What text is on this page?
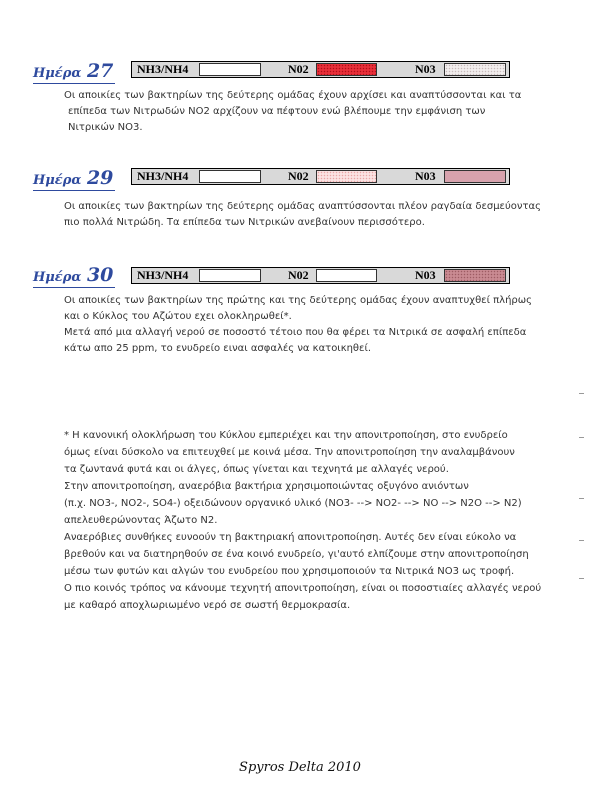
Ημέρα 27 NH3/NH4	N02	N03
Οι αποικίες των βακτηρίων της δεύτερης ομάδας έχουν αρχίσει και αναπτύσσονται και τα
επίπεδα των Νιτρωδών NO2 αρχίζουν να πέφτουν ενώ βλέπουμε την εμφάνιση των
Νιτρικών NO3.
Ημέρα 29 NH3/NH4	N02	N03
Οι αποικίες των βακτηρίων της δεύτερης ομάδας αναπτύσσονται πλέον ραγδαία δεσμεύοντας
πιο πολλά Νιτρώδη. Τα επίπεδα των Νιτρικών ανεβαίνουν περισσότερο.
Ημέρα 30 NH3/NH4	N02	N03
Οι αποικίες των βακτηρίων της πρώτης και της δεύτερης ομάδας έχουν αναπτυχθεί πλήρως
και ο Κύκλος του Αζώτου εχει ολοκληρωθεί*.
Μετά από μια αλλαγή νερού σε ποσοστό τέτοιο που θα φέρει τα Νιτρικά σε ασφαλή επίπεδα
κάτω απο 25 ppm, το ενυδρείο ειναι ασφαλές να κατοικηθεί.
* Η κανονική ολοκλήρωση του Κύκλου εμπεριέχει και την απονιτροποίηση, στο ενυδρείο
όμως είναι δύσκολο να επιτευχθεί με κοινά μέσα. Την απονιτροποίηση την αναλαμβάνουν
τα ζωντανά φυτά και οι άλγες, όπως γίνεται και τεχνητά με αλλαγές νερού.
Στην απονιτροποίηση, αναερόβια βακτήρια χρησιμοποιώντας οξυγόνο ανιόντων
(π.χ. NO3-, NO2-, SO4-) οξειδώνουν οργανικό υλικό (NO3- --> NO2- --> NO --> N2O --> N2)
απελευθερώνοντας Άζωτο N2.
Αναερόβιες συνθήκες ευνοούν τη βακτηριακή απονιτροποίηση. Αυτές δεν είναι εύκολο να
βρεθούν και να διατηρηθούν σε ένα κοινό ενυδρείο, γι'αυτό ελπίζουμε στην απονιτροποίηση
μέσω των φυτών και αλγών του ενυδρείου που χρησιμοποιούν τα Νιτρικά NO3 ως τροφή.
Ο πιο κοινός τρόπος να κάνουμε τεχνητή απονιτροποίηση, είναι οι ποσοστιαίες αλλαγές νερού
με καθαρό αποχλωριωμένο νερό σε σωστή θερμοκρασία.
Spyros Delta 2010
